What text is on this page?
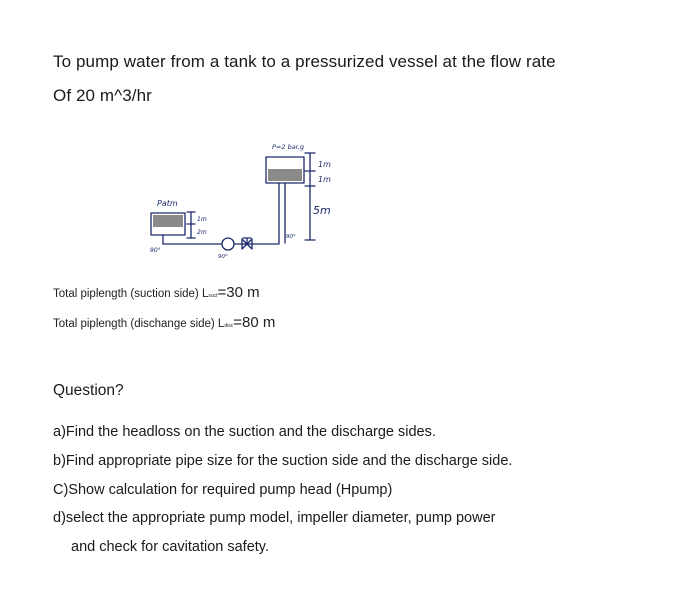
To pump water from a tank to a pressurized vessel at the flow rate
Of 20 m^3/hr
P=2 bar,g
1m
1m
5m
Patm
1m
2m
90°
90°
90°
Total piplength (suction side) Lsuct=30 m
Total piplength (dischange side) Ldisc=80 m
Question?
a)Find the headloss on the suction and the discharge sides.
b)Find appropriate pipe size for the suction side and the discharge side.
C)Show calculation for required pump head (Hpump)
d)select the appropriate pump model, impeller diameter, pump power
and check for cavitation safety.
